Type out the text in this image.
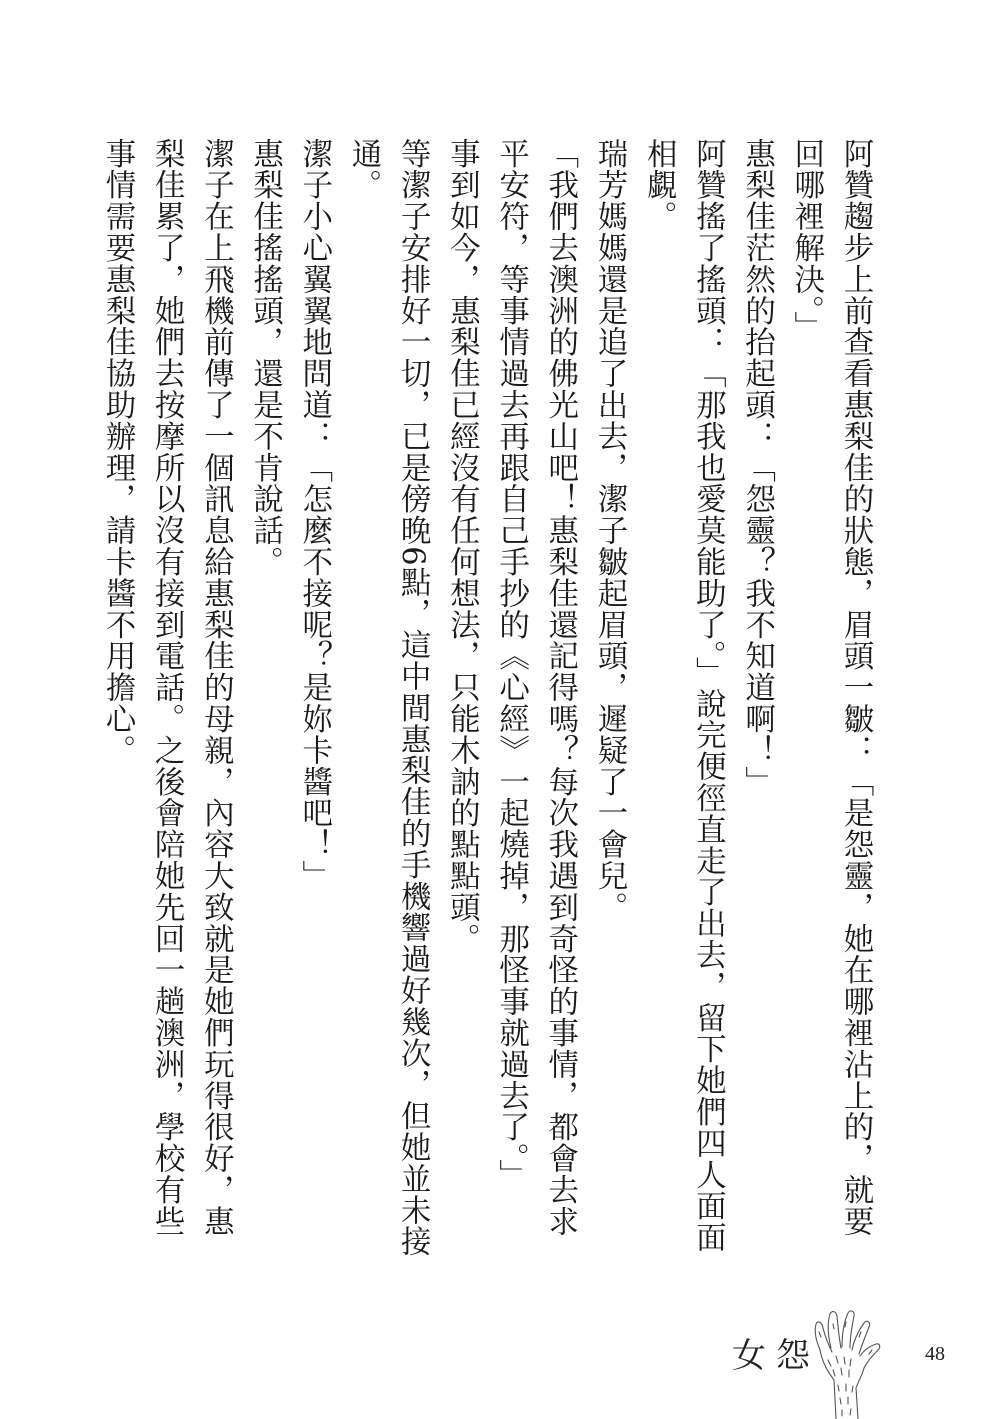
阿贊趨步上前查看惠梨佳的狀態，眉頭一皺：「是怨靈，她在哪裡沾上的，就要回哪裡解決。」

惠梨佳茫然的抬起頭：「怨靈？我不知道啊！」

阿贊搖了搖頭：「那我也愛莫能助了。」說完便徑直走了出去，留下她們四人面面相覷。

瑞芳媽媽還是追了出去，潔子皺起眉頭，遲疑了一會兒。

「我們去澳洲的佛光山吧！惠梨佳還記得嗎？每次我遇到奇怪的事情，都會去求平安符，等事情過去再跟自己手抄的《心經》一起燒掉，那怪事就過去了。」

事到如今，惠梨佳已經沒有任何想法，只能木訥的點點頭。

等潔子安排好一切，已是傍晚6點，這中間惠梨佳的手機響過好幾次，但她並未接通。

潔子小心翼翼地問道：「怎麼不接呢？是妳卡醬吧！」

惠梨佳搖搖頭，還是不肯說話。

潔子在上飛機前傳了一個訊息給惠梨佳的母親，內容大致就是她們玩得很好，惠梨佳累了，她們去按摩所以沒有接到電話。之後會陪她先回一趟澳洲，學校有些事情需要惠梨佳協助辦理，請卡醬不用擔心。

女怨	48
